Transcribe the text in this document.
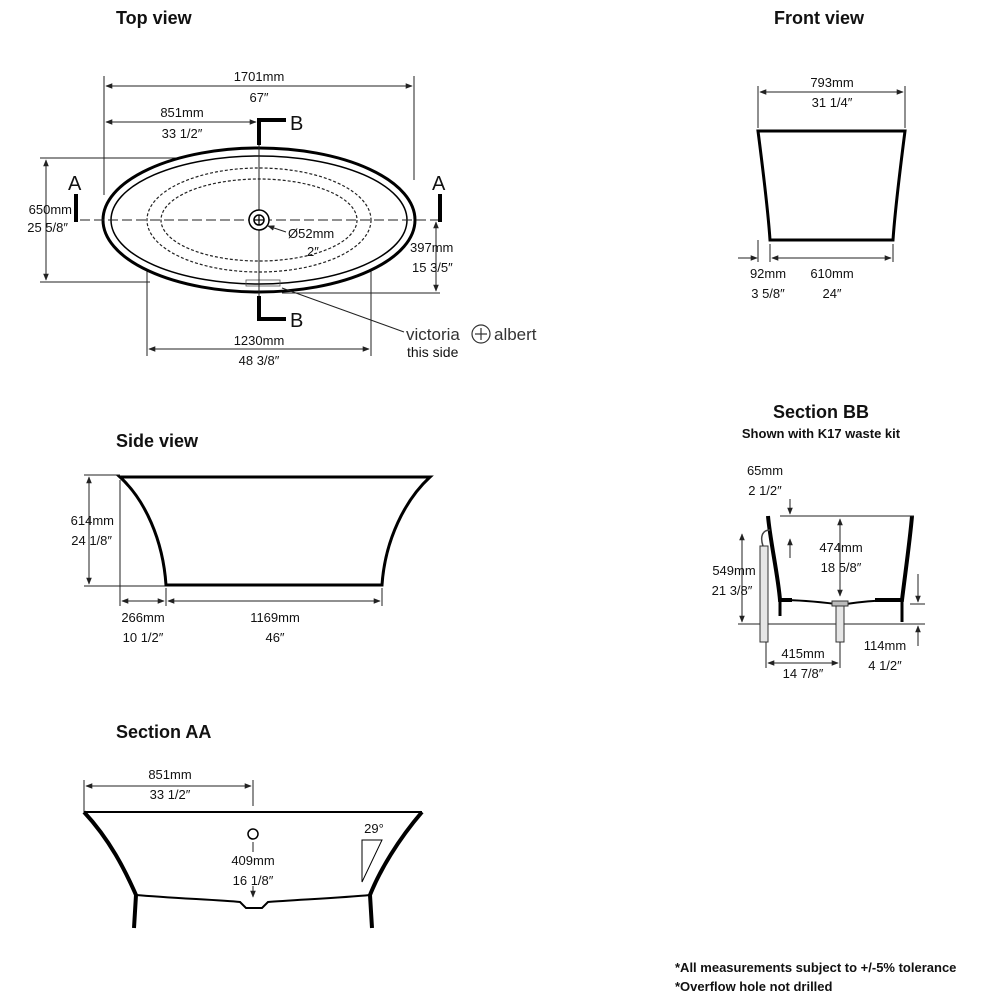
Top view
Ø52mm
2″
A	A
B
B
1701mm
67″
851mm
33 1/2″
650mm
25 5/8″
397mm
15 3/5″
1230mm
48 3/8″
victoria albert
this side
Front view
793mm
31 1/4″
92mm
3 5/8″
610mm
24″
Side view
614mm
24 1/8″
266mm
10 1/2″
1169mm
46″
Section BB
Shown with K17 waste kit
65mm
2 1/2″
474mm
18 5/8″
549mm
21 3/8″
415mm
14 7/8″
114mm
4 1/2″
Section AA
851mm
33 1/2″
409mm
16 1/8″
29°
*All measurements subject to +/-5% tolerance
*Overflow hole not drilled
